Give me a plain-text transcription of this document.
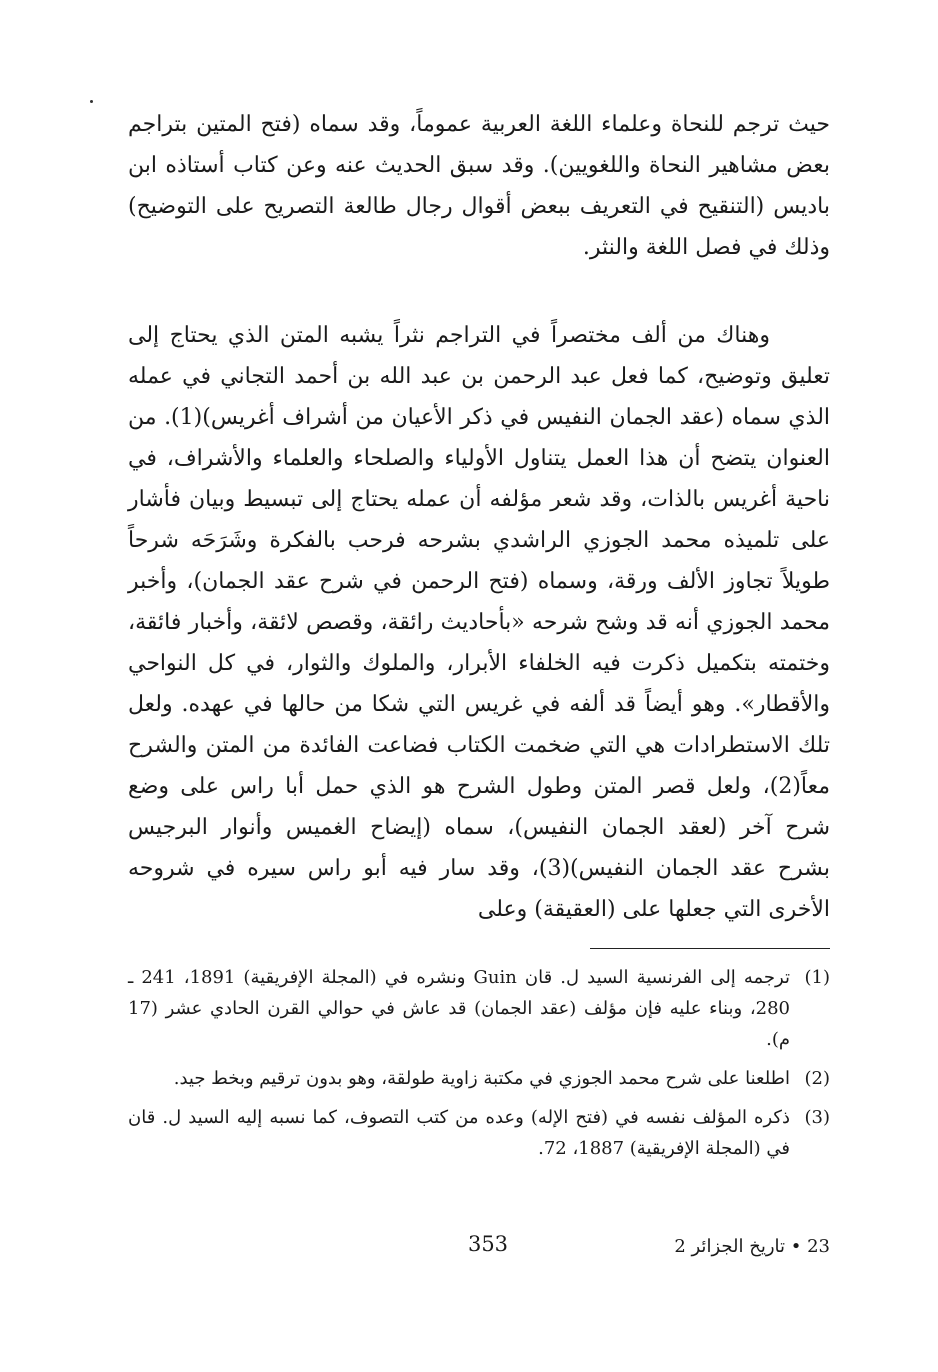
حيث ترجم للنحاة وعلماء اللغة العربية عموماً، وقد سماه (فتح المتين بتراجم بعض مشاهير النحاة واللغويين). وقد سبق الحديث عنه وعن كتاب أستاذه ابن باديس (التنقيح في التعريف ببعض أقوال رجال طالعة التصريح على التوضيح) وذلك في فصل اللغة والنثر.

وهناك من ألف مختصراً في التراجم نثراً يشبه المتن الذي يحتاج إلى تعليق وتوضيح، كما فعل عبد الرحمن بن عبد الله بن أحمد التجاني في عمله الذي سماه (عقد الجمان النفيس في ذكر الأعيان من أشراف أغريس)(1). من العنوان يتضح أن هذا العمل يتناول الأولياء والصلحاء والعلماء والأشراف، في ناحية أغريس بالذات، وقد شعر مؤلفه أن عمله يحتاج إلى تبسيط وبيان فأشار على تلميذه محمد الجوزي الراشدي بشرحه فرحب بالفكرة وشَرَحَه شرحاً طويلاً تجاوز الألف ورقة، وسماه (فتح الرحمن في شرح عقد الجمان)، وأخبر محمد الجوزي أنه قد وشح شرحه «بأحاديث رائقة، وقصص لائقة، وأخبار فائقة، وختمته بتكميل ذكرت فيه الخلفاء الأبرار، والملوك والثوار، في كل النواحي والأقطار». وهو أيضاً قد ألفه في غريس التي شكا من حالها في عهده. ولعل تلك الاستطرادات هي التي ضخمت الكتاب فضاعت الفائدة من المتن والشرح معاً(2)، ولعل قصر المتن وطول الشرح هو الذي حمل أبا راس على وضع شرح آخر (لعقد الجمان النفيس)، سماه (إيضاح الغميس وأنوار البرجيس بشرح عقد الجمان النفيس)(3)، وقد سار فيه أبو راس سيره في شروحه الأخرى التي جعلها على (العقيقة) وعلى

(1)
ترجمه إلى الفرنسية السيد ل. قان Guin ونشره في (المجلة الإفريقية) 1891، 241 ـ 280، وبناء عليه فإن مؤلف (عقد الجمان) قد عاش في حوالي القرن الحادي عشر (17 م).
(2)
اطلعنا على شرح محمد الجوزي في مكتبة زاوية طولقة، وهو بدون ترقيم وبخط جيد.
(3)
ذكره المؤلف نفسه في (فتح الإله) وعده من كتب التصوف، كما نسبه إليه السيد ل. قان في (المجلة الإفريقية) 1887، 72.
353	23 • تاريخ الجزائر 2
